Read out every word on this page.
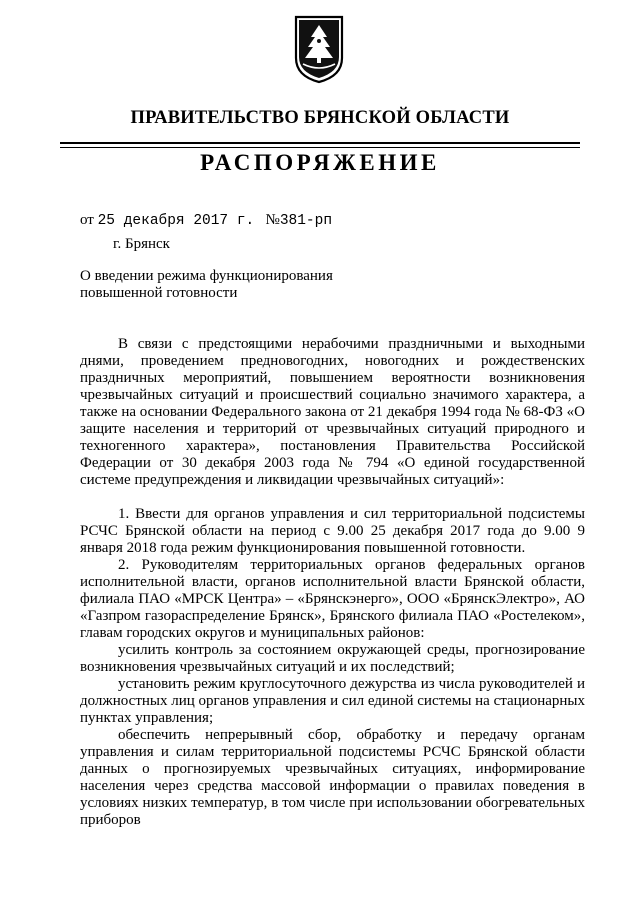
ПРАВИТЕЛЬСТВО БРЯНСКОЙ ОБЛАСТИ
РАСПОРЯЖЕНИЕ
от 25 декабря 2017 г. №381-рп
г. Брянск
О введении режима функционирования
повышенной готовности

В связи с предстоящими нерабочими праздничными и выходными днями, проведением предновогодних, новогодних и рождественских праздничных мероприятий, повышением вероятности возникновения чрезвычайных ситуаций и происшествий социально значимого характера, а также на основании Федерального закона от 21 декабря 1994 года № 68-ФЗ «О защите населения и территорий от чрезвычайных ситуаций природного и техногенного характера», постановления Правительства Российской Федерации от 30 декабря 2003 года № 794 «О единой государственной системе предупреждения и ликвидации чрезвычайных ситуаций»:

1. Ввести для органов управления и сил территориальной подсистемы РСЧС Брянской области на период с 9.00 25 декабря 2017 года до 9.00 9 января 2018 года режим функционирования повышенной готовности.

2. Руководителям территориальных органов федеральных органов исполнительной власти, органов исполнительной власти Брянской области, филиала ПАО «МРСК Центра» – «Брянскэнерго», ООО «БрянскЭлектро», АО «Газпром газораспределение Брянск», Брянского филиала ПАО «Ростелеком», главам городских округов и муниципальных районов:

усилить контроль за состоянием окружающей среды, прогнозирование возникновения чрезвычайных ситуаций и их последствий;

установить режим круглосуточного дежурства из числа руководителей и должностных лиц органов управления и сил единой системы на стационарных пунктах управления;

обеспечить непрерывный сбор, обработку и передачу органам управления и силам территориальной подсистемы РСЧС Брянской области данных о прогнозируемых чрезвычайных ситуациях, информирование населения через средства массовой информации о правилах поведения в условиях низких температур, в том числе при использовании обогревательных приборов
